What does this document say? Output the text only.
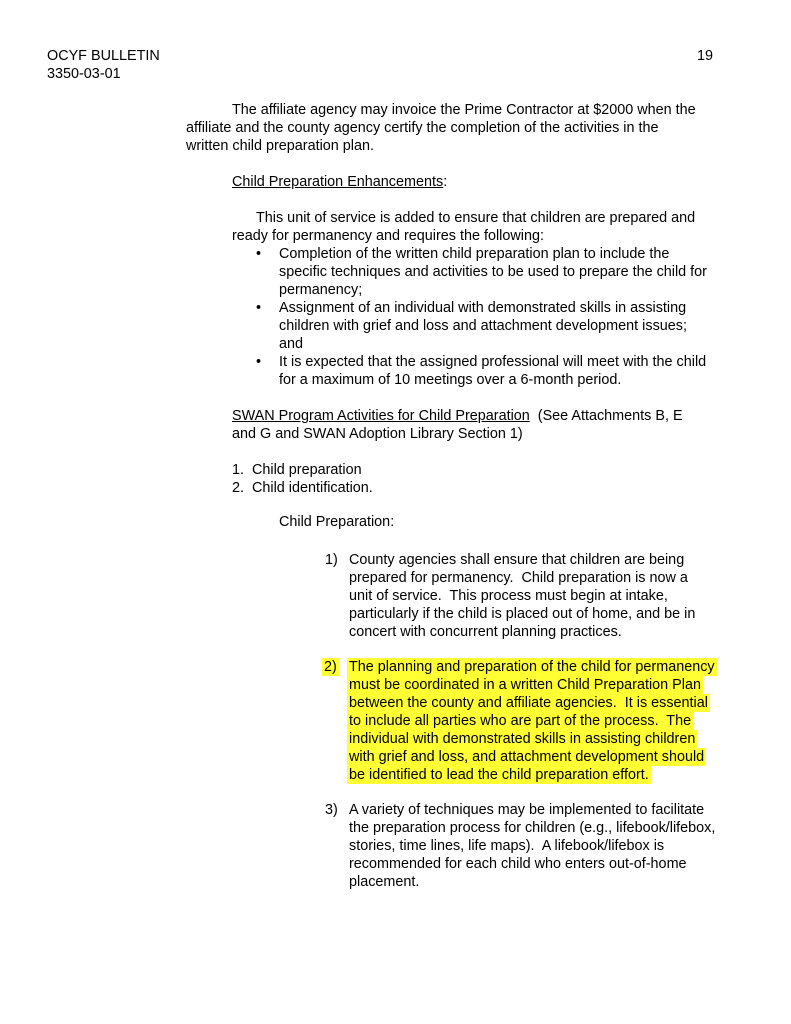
OCYF BULLETIN
3350-03-01
19
The affiliate agency may invoice the Prime Contractor at $2000 when the
affiliate and the county agency certify the completion of the activities in the
written child preparation plan.
Child Preparation Enhancements:
This unit of service is added to ensure that children are prepared and
ready for permanency and requires the following:
• Completion of the written child preparation plan to include the
specific techniques and activities to be used to prepare the child for
permanency;
• Assignment of an individual with demonstrated skills in assisting
children with grief and loss and attachment development issues;
and
• It is expected that the assigned professional will meet with the child
for a maximum of 10 meetings over a 6-month period.
SWAN Program Activities for Child Preparation  (See Attachments B, E
and G and SWAN Adoption Library Section 1)
1.  Child preparation
2.  Child identification.
Child Preparation:
1) County agencies shall ensure that children are being
prepared for permanency.  Child preparation is now a
unit of service.  This process must begin at intake,
particularly if the child is placed out of home, and be in
concert with concurrent planning practices.
2) The planning and preparation of the child for permanency
must be coordinated in a written Child Preparation Plan
between the county and affiliate agencies.  It is essential
to include all parties who are part of the process.  The
individual with demonstrated skills in assisting children
with grief and loss, and attachment development should
be identified to lead the child preparation effort.
3) A variety of techniques may be implemented to facilitate
the preparation process for children (e.g., lifebook/lifebox,
stories, time lines, life maps).  A lifebook/lifebox is
recommended for each child who enters out-of-home
placement.
